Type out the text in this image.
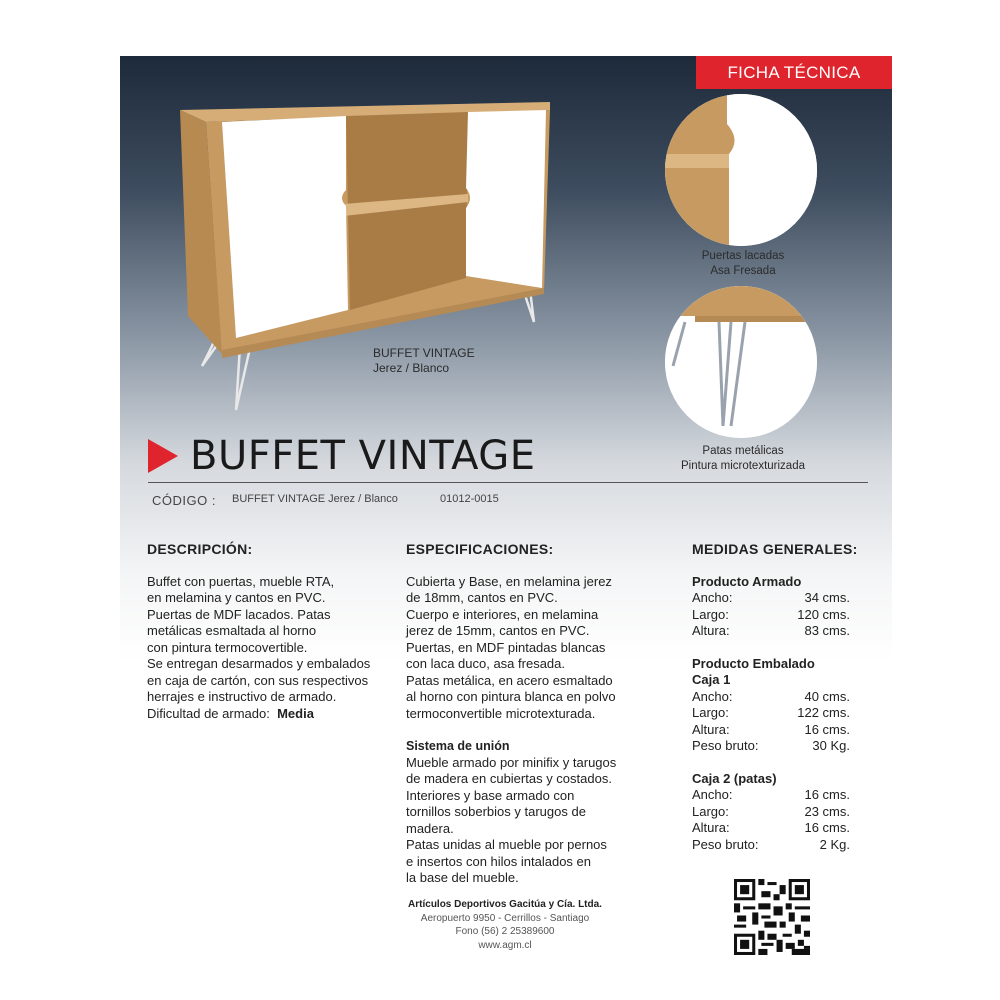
FICHA TÉCNICA
BUFFET VINTAGE
Jerez / Blanco
Puertas lacadas
Asa Fresada
Patas metálicas
Pintura microtexturizada
BUFFET VINTAGE
CÓDIGO : BUFFET VINTAGE Jerez / Blanco	01012-0015
DESCRIPCIÓN:

Buffet con puertas, mueble RTA,

en melamina y cantos en PVC.

Puertas de MDF lacados. Patas

metálicas esmaltada al horno

con pintura termocovertible.

Se entregan desarmados y embalados

en caja de cartón, con sus respectivos

herrajes e instructivo de armado.

Dificultad de armado: Media

ESPECIFICACIONES:

Cubierta y Base, en melamina jerez

de 18mm, cantos en PVC.

Cuerpo e interiores, en melamina

jerez de 15mm, cantos en PVC.

Puertas, en MDF pintadas blancas

con laca duco, asa fresada.

Patas metálica, en acero esmaltado

al horno con pintura blanca en polvo

termoconvertible microtexturada.

Sistema de unión

Mueble armado por minifix y tarugos

de madera en cubiertas y costados.

Interiores y base armado con

tornillos soberbios y tarugos de

madera.

Patas unidas al mueble por pernos

e insertos con hilos intalados en

la base del mueble.

MEDIDAS GENERALES:

Producto Armado

Ancho:	34 cms.
Largo:	120 cms.
Altura:	83 cms.

Producto Embalado

Caja 1

Ancho:	40 cms.
Largo:	122 cms.
Altura:	16 cms.
Peso bruto:	30 Kg.

Caja 2 (patas)

Ancho:	16 cms.
Largo:	23 cms.
Altura:	16 cms.
Peso bruto:	2 Kg.
Artículos Deportivos Gacitúa y Cía. Ltda.
Aeropuerto 9950 - Cerrillos - Santiago
Fono (56) 2 25389600
www.agm.cl
